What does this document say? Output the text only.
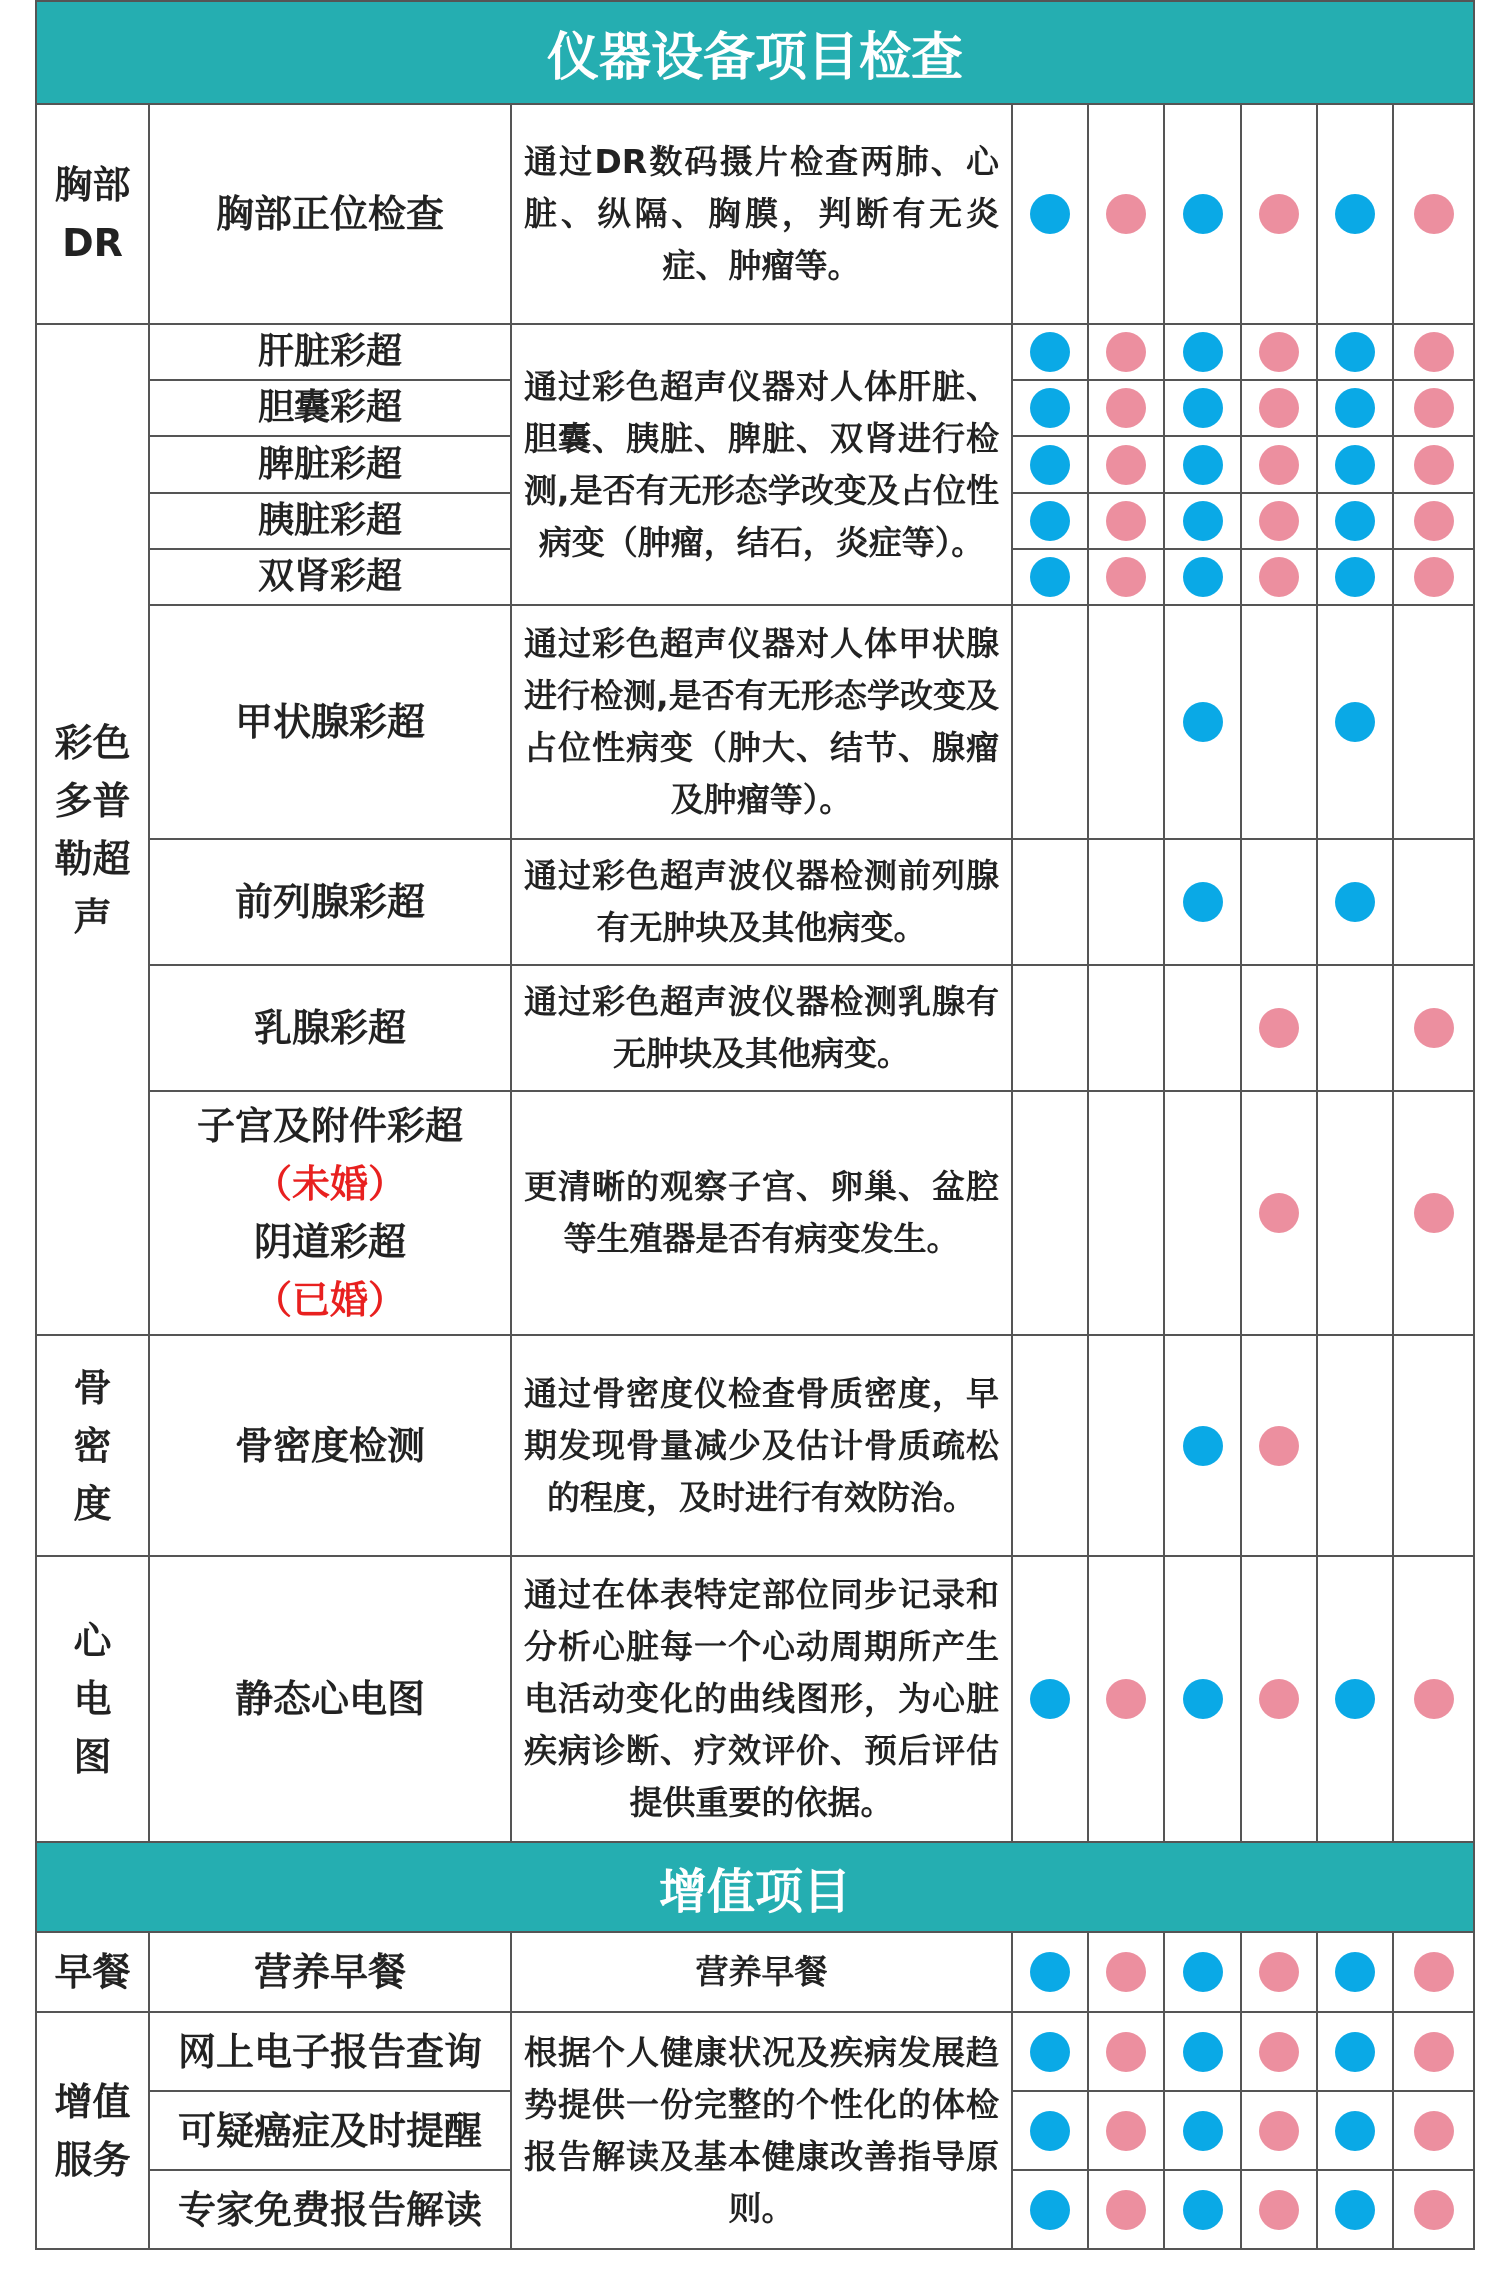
仪器设备项目检查
胸部DR
胸部正位检查
通过DR数码摄片检查两肺、心脏、纵隔、胸膜，判断有无炎症、肿瘤等。
彩色多普勒超声
肝脏彩超
通过彩色超声仪器对人体肝脏、胆囊、胰脏、脾脏、双肾进行检测,是否有无形态学改变及占位性病变（肿瘤，结石，炎症等）。
胆囊彩超
脾脏彩超
胰脏彩超
双肾彩超
甲状腺彩超
通过彩色超声仪器对人体甲状腺进行检测,是否有无形态学改变及占位性病变（肿大、结节、腺瘤及肿瘤等）。
前列腺彩超
通过彩色超声波仪器检测前列腺有无肿块及其他病变。
乳腺彩超
通过彩色超声波仪器检测乳腺有无肿块及其他病变。
子宫及附件彩超
（未婚）
阴道彩超
（已婚）
更清晰的观察子宫、卵巢、盆腔等生殖器是否有病变发生。
骨密度
骨密度检测
通过骨密度仪检查骨质密度，早期发现骨量减少及估计骨质疏松的程度，及时进行有效防治。
心电图
静态心电图
通过在体表特定部位同步记录和分析心脏每一个心动周期所产生电活动变化的曲线图形，为心脏疾病诊断、疗效评价、预后评估提供重要的依据。
增值项目
早餐	营养早餐	营养早餐
增值服务
网上电子报告查询 根据个人健康状况及疾病发展趋势提供一份完整的个性化的体检报告解读及基本健康改善指导原则。
可疑癌症及时提醒
专家免费报告解读
